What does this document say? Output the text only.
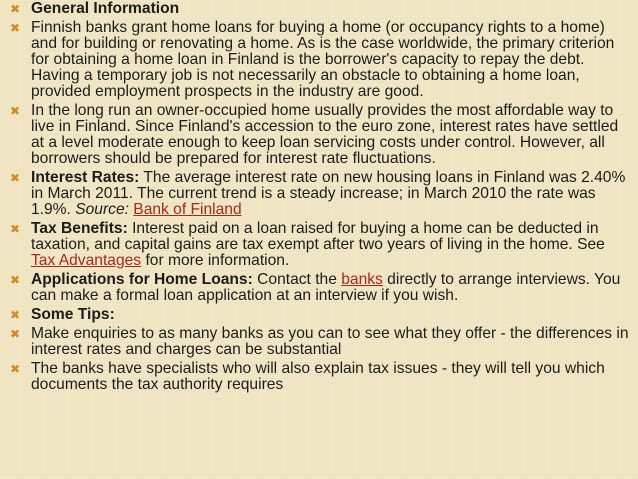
✖ General Information
✖ Finnish banks grant home loans for buying a home (or occupancy rights to a home) and for building or renovating a home. As is the case worldwide, the primary criterion for obtaining a home loan in Finland is the borrower's capacity to repay the debt. Having a temporary job is not necessarily an obstacle to obtaining a home loan, provided employment prospects in the industry are good.
✖ In the long run an owner-occupied home usually provides the most affordable way to live in Finland. Since Finland's accession to the euro zone, interest rates have settled at a level moderate enough to keep loan servicing costs under control. However, all borrowers should be prepared for interest rate fluctuations.
✖ Interest Rates: The average interest rate on new housing loans in Finland was 2.40% in March 2011. The current trend is a steady increase; in March 2010 the rate was 1.9%. Source: Bank of Finland
✖ Tax Benefits: Interest paid on a loan raised for buying a home can be deducted in taxation, and capital gains are tax exempt after two years of living in the home. See Tax Advantages for more information.
✖ Applications for Home Loans: Contact the banks directly to arrange interviews. You can make a formal loan application at an interview if you wish.
✖ Some Tips:
✖ Make enquiries to as many banks as you can to see what they offer - the differences in interest rates and charges can be substantial
✖ The banks have specialists who will also explain tax issues - they will tell you which documents the tax authority requires
